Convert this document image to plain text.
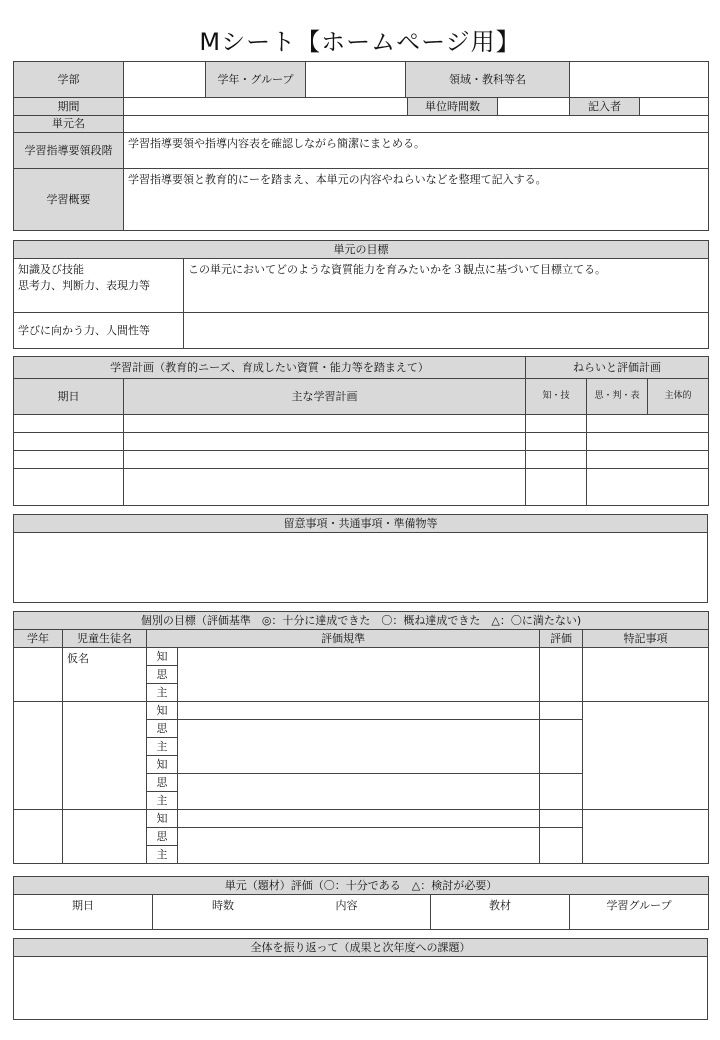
Mシート【ホームページ用】
学部		学年・グループ		領域・教科等名				
期間					単位時間数		記入者	
単元名								
学習指導要領段階	学習指導要領や指導内容表を確認しながら簡潔にまとめる。							
学習概要	学習指導要領と教育的にーを踏まえ、本単元の内容やねらいなどを整理て記入する。							
単元の目標	

知識及び技能
思考力、判断力、表現力等	この単元においてどのような資質能力を育みたいかを３観点に基づいて目標立てる。
学びに向かう力、人間性等	
学習計画（教育的ニーズ、育成したい資質・能力等を踏まえて）		ねらいと評価計画		
期日	主な学習計画	知・技	思・判・表	主体的

留意事項・共通事項・準備物等

個別の目標（評価基準　◎：十分に達成できた　〇：概ね達成できた　△：〇に満たない)					
学年	児童生徒名	評価規準		評価	特記事項
	仮名	知			
		思			
		主			
		知			
		思			
		主			
		知			
		思			
		主			
		知			
		思			
		主			
単元（題材）評価（〇：十分である　△：検討が必要）
期日	時数	内容	教材	学習グループ
全体を振り返って（成果と次年度への課題）
